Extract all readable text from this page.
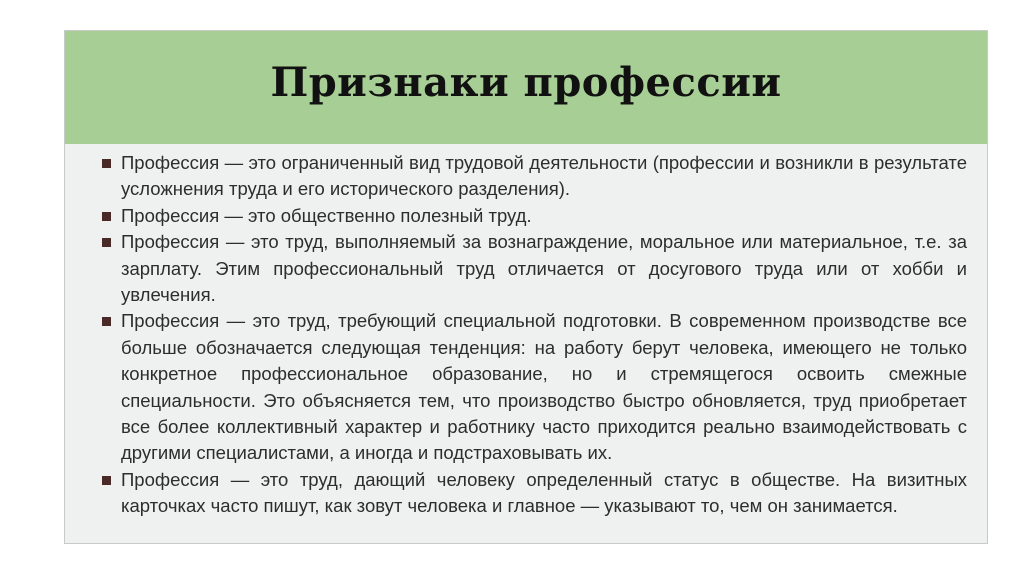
Признаки профессии
Профессия — это ограниченный вид трудовой деятельности (профессии и возникли в результате усложнения труда и его исторического разделения).
Профессия — это общественно полезный труд.
Профессия — это труд, выполняемый за вознаграждение, моральное или материальное, т.е. за зарплату. Этим профессиональный труд отличается от досугового труда или от хобби и увлечения.
Профессия — это труд, требующий специальной подготовки. В современном производстве все больше обозначается следующая тенденция: на работу берут человека, имеющего не только конкретное профессиональное образование, но и стремящегося освоить смежные специальности. Это объясняется тем, что производство быстро обновляется, труд приобретает все более коллективный характер и работнику часто приходится реально взаимодействовать с другими специалистами, а иногда и подстраховывать их.
Профессия — это труд, дающий человеку определенный статус в обществе. На визитных карточках часто пишут, как зовут человека и главное — указывают то, чем он занимается.
